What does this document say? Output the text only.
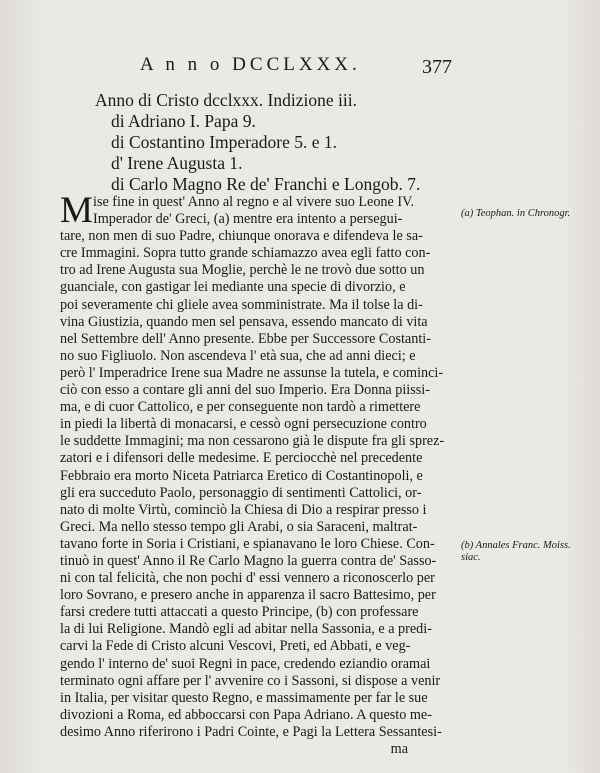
A n n o DCCLXXX.	377
Anno di Cristo dcclxxx. Indizione iii.
di Adriano I. Papa 9.
di Costantino Imperadore 5. e 1.
d' Irene Augusta 1.
di Carlo Magno Re de' Franchi e Longob. 7.
M ise fine in quest' Anno al regno e al vivere suo Leone IV.
Imperador de' Greci, (a) mentre era intento a persegui-
tare, non men di suo Padre, chiunque onorava e difendeva le sa-
cre Immagini. Sopra tutto grande schiamazzo avea egli fatto con-
tro ad Irene Augusta sua Moglie, perchè le ne trovò due sotto un
guanciale, con gastigar lei mediante una specie di divorzio, e
poi severamente chi gliele avea somministrate. Ma il tolse la di-
vina Giustizia, quando men sel pensava, essendo mancato di vita
nel Settembre dell' Anno presente. Ebbe per Successore Costanti-
no suo Figliuolo. Non ascendeva l' età sua, che ad anni dieci; e
però l' Imperadrice Irene sua Madre ne assunse la tutela, e cominci-
ciò con esso a contare gli anni del suo Imperio. Era Donna piissi-
ma, e di cuor Cattolico, e per conseguente non tardò a rimettere
in piedi la libertà di monacarsi, e cessò ogni persecuzione contro
le suddette Immagini; ma non cessarono già le dispute fra gli sprez-
zatori e i difensori delle medesime. E perciocchè nel precedente
Febbraio era morto Niceta Patriarca Eretico di Costantinopoli, e
gli era succeduto Paolo, personaggio di sentimenti Cattolici, or-
nato di molte Virtù, cominciò la Chiesa di Dio a respirar presso i
Greci. Ma nello stesso tempo gli Arabi, o sia Saraceni, maltrat-
tavano forte in Soria i Cristiani, e spianavano le loro Chiese. Con-
tinuò in quest' Anno il Re Carlo Magno la guerra contra de' Sasso-
ni con tal felicità, che non pochi d' essi vennero a riconoscerlo per
loro Sovrano, e presero anche in apparenza il sacro Battesimo, per
farsi credere tutti attaccati a questo Principe, (b) con professare
la di lui Religione. Mandò egli ad abitar nella Sassonia, e a predi-
carvi la Fede di Cristo alcuni Vescovi, Preti, ed Abbati, e veg-
gendo l' interno de' suoi Regni in pace, credendo eziandio oramai
terminato ogni affare per l' avvenire co i Sassoni, si dispose a venir
in Italia, per visitar questo Regno, e massimamente per far le sue
divozioni a Roma, ed abboccarsi con Papa Adriano. A questo me-
desimo Anno riferirono i Padri Cointe, e Pagi la Lettera Sessantesi-
ma
(a) Teophan. in Chronogr.
(b) Annales Franc. Moiss. siac.
